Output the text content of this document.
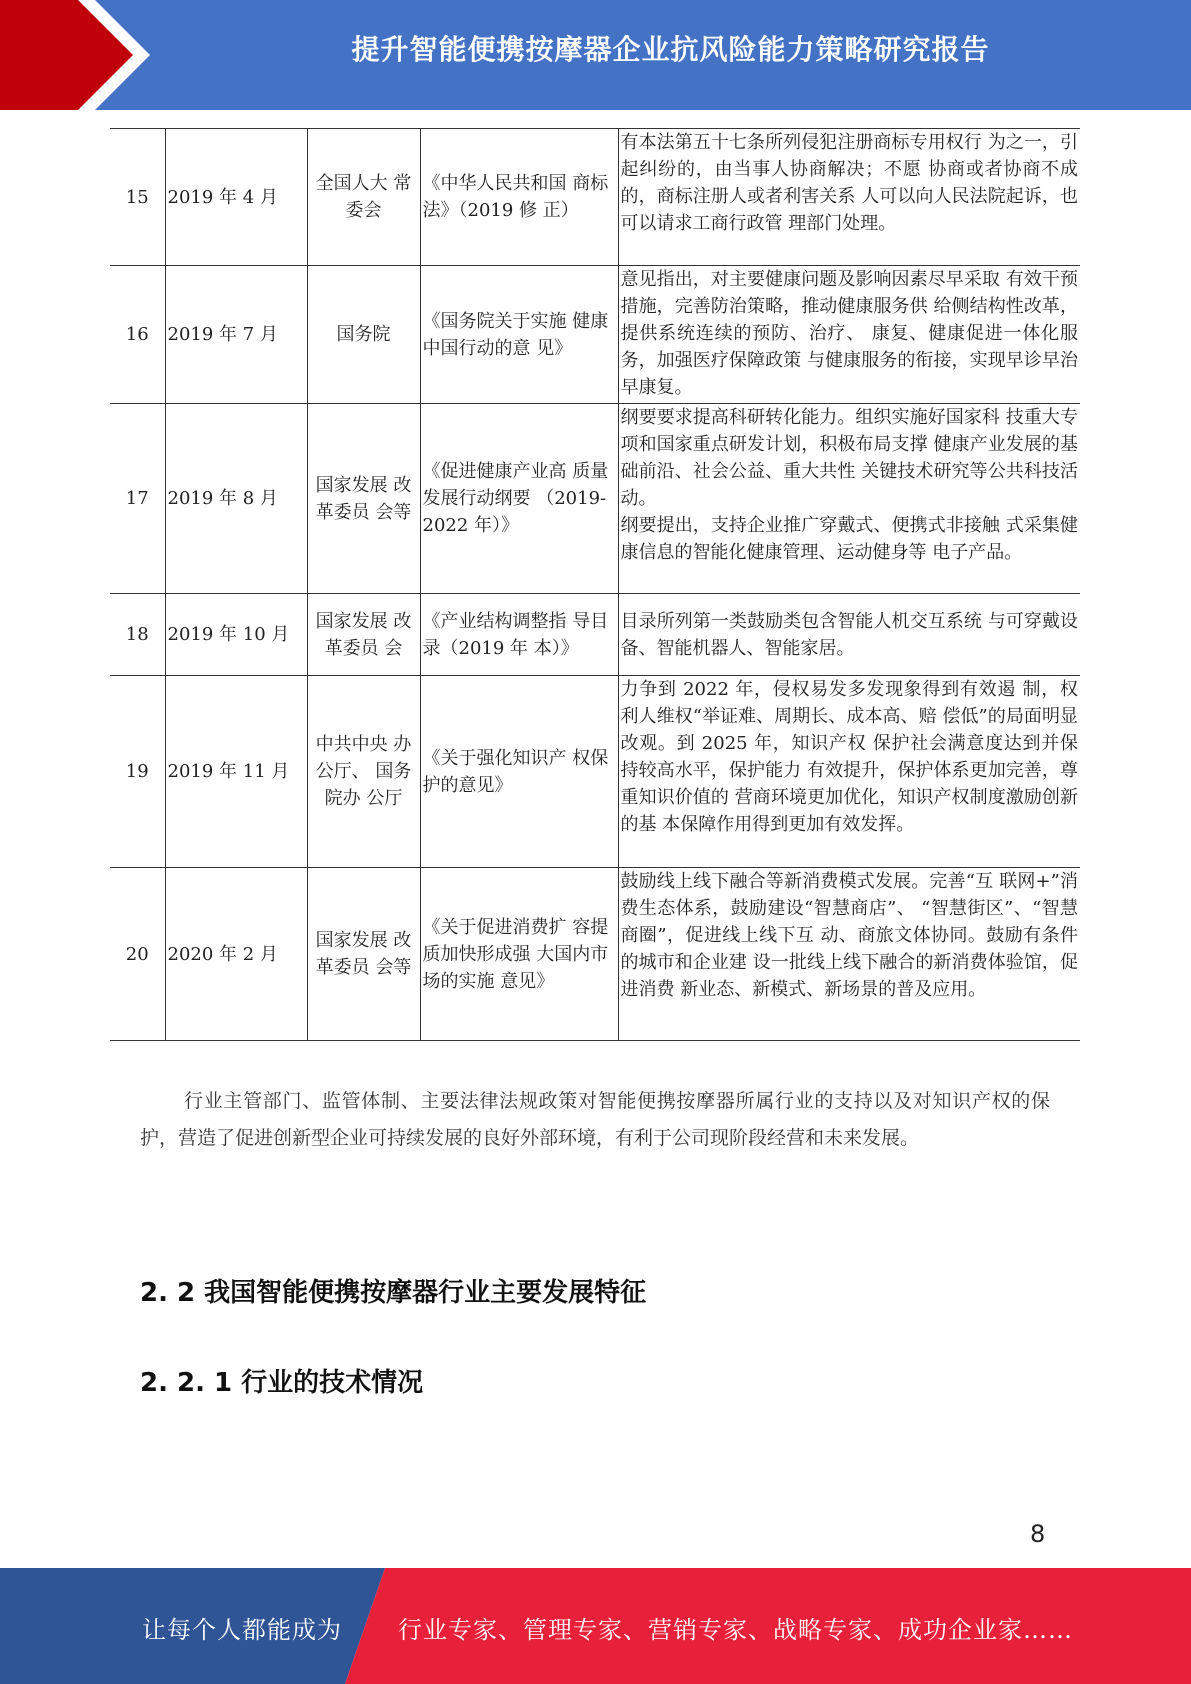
提升智能便携按摩器企业抗风险能力策略研究报告
15	2019 年 4 月	全国人大 常委会	《中华人民共和国 商标法》（2019 修 正）	有本法第五十七条所列侵犯注册商标专用权行 为之一，引起纠纷的，由当事人协商解决；不愿 协商或者协商不成的，商标注册人或者利害关系 人可以向人民法院起诉，也可以请求工商行政管 理部门处理。
16	2019 年 7 月	国务院	《国务院关于实施 健康中国行动的意 见》	意见指出，对主要健康问题及影响因素尽早采取 有效干预措施，完善防治策略，推动健康服务供 给侧结构性改革，提供系统连续的预防、治疗、 康复、健康促进一体化服务，加强医疗保障政策 与健康服务的衔接，实现早诊早治早康复。
17	2019 年 8 月	国家发展 改革委员 会等	《促进健康产业高 质量发展行动纲要 （2019-2022 年）》	纲要要求提高科研转化能力。组织实施好国家科 技重大专项和国家重点研发计划，积极布局支撑 健康产业发展的基础前沿、社会公益、重大共性 关键技术研究等公共科技活动。
纲要提出，支持企业推广穿戴式、便携式非接触 式采集健康信息的智能化健康管理、运动健身等 电子产品。

18	2019 年 10 月	国家发展 改革委员 会	《产业结构调整指 导目录（2019 年 本）》	目录所列第一类鼓励类包含智能人机交互系统 与可穿戴设备、智能机器人、智能家居。
19	2019 年 11 月	中共中央 办公厅、 国务院办 公厅	《关于强化知识产 权保护的意见》	力争到 2022 年，侵权易发多发现象得到有效遏 制，权利人维权“举证难、周期长、成本高、赔 偿低”的局面明显改观。到 2025 年，知识产权 保护社会满意度达到并保持较高水平，保护能力 有效提升，保护体系更加完善，尊重知识价值的 营商环境更加优化，知识产权制度激励创新的基 本保障作用得到更加有效发挥。
20	2020 年 2 月	国家发展 改革委员 会等	《关于促进消费扩 容提质加快形成强 大国内市场的实施 意见》	鼓励线上线下融合等新消费模式发展。完善“互 联网+”消费生态体系，鼓励建设“智慧商店”、 “智慧街区”、“智慧商圈”，促进线上线下互 动、商旅文体协同。鼓励有条件的城市和企业建 设一批线上线下融合的新消费体验馆，促进消费 新业态、新模式、新场景的普及应用。
行业主管部门、监管体制、主要法律法规政策对智能便携按摩器所属行业的支持以及对知识产权的保护，营造了促进创新型企业可持续发展的良好外部环境，有利于公司现阶段经营和未来发展。
2. 2 我国智能便携按摩器行业主要发展特征
2. 2. 1 行业的技术情况
8
让每个人都能成为 行业专家、管理专家、营销专家、战略专家、成功企业家……
